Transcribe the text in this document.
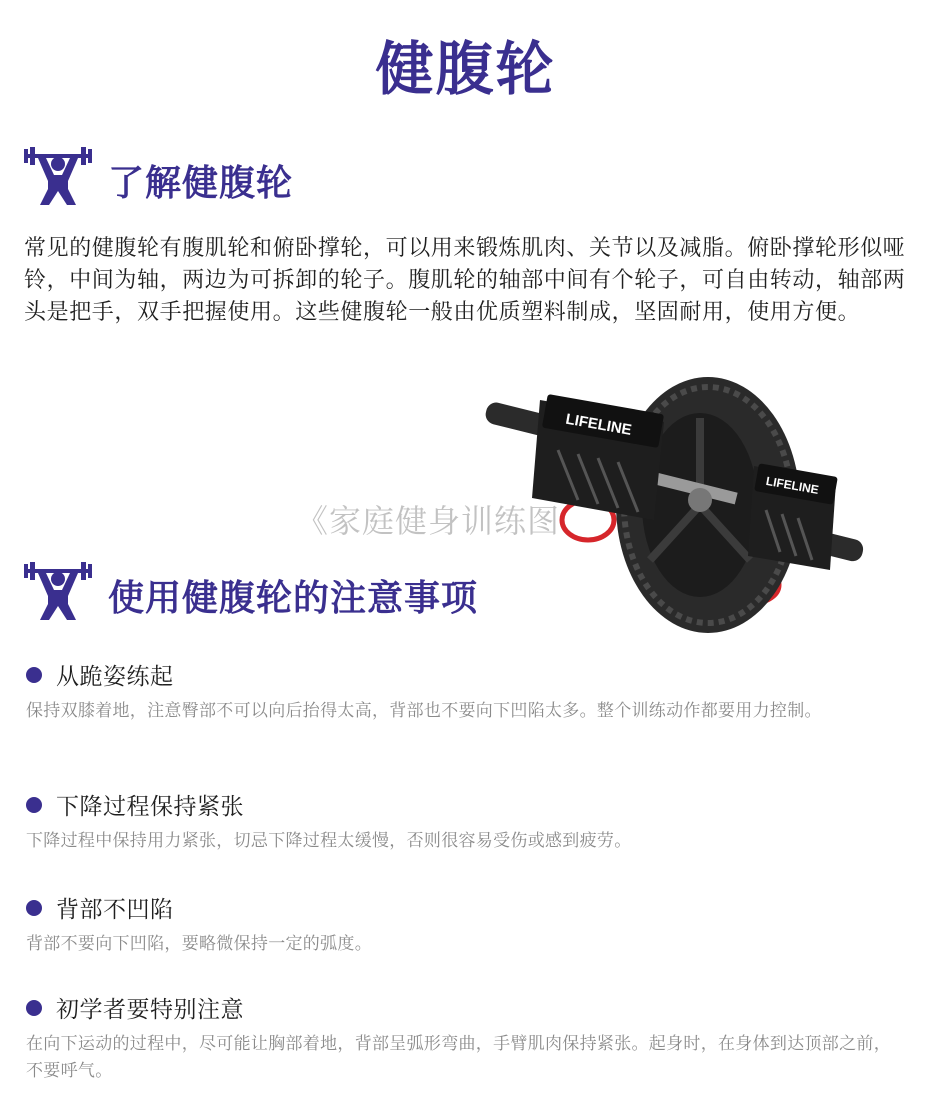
健腹轮
了解健腹轮

常见的健腹轮有腹肌轮和俯卧撑轮，可以用来锻炼肌肉、关节以及减脂。俯卧撑轮形似哑铃，中间为轴，两边为可拆卸的轮子。腹肌轮的轴部中间有个轮子，可自由转动，轴部两头是把手，双手把握使用。这些健腹轮一般由优质塑料制成，坚固耐用，使用方便。

LIFELINE
LIFELINE
《家庭健身训练图
使用健腹轮的注意事项
从跪姿练起

保持双膝着地，注意臀部不可以向后抬得太高，背部也不要向下凹陷太多。整个训练动作都要用力控制。

下降过程保持紧张

下降过程中保持用力紧张，切忌下降过程太缓慢，否则很容易受伤或感到疲劳。

背部不凹陷

背部不要向下凹陷，要略微保持一定的弧度。

初学者要特别注意

在向下运动的过程中，尽可能让胸部着地，背部呈弧形弯曲，手臂肌肉保持紧张。起身时，在身体到达顶部之前，不要呼气。
